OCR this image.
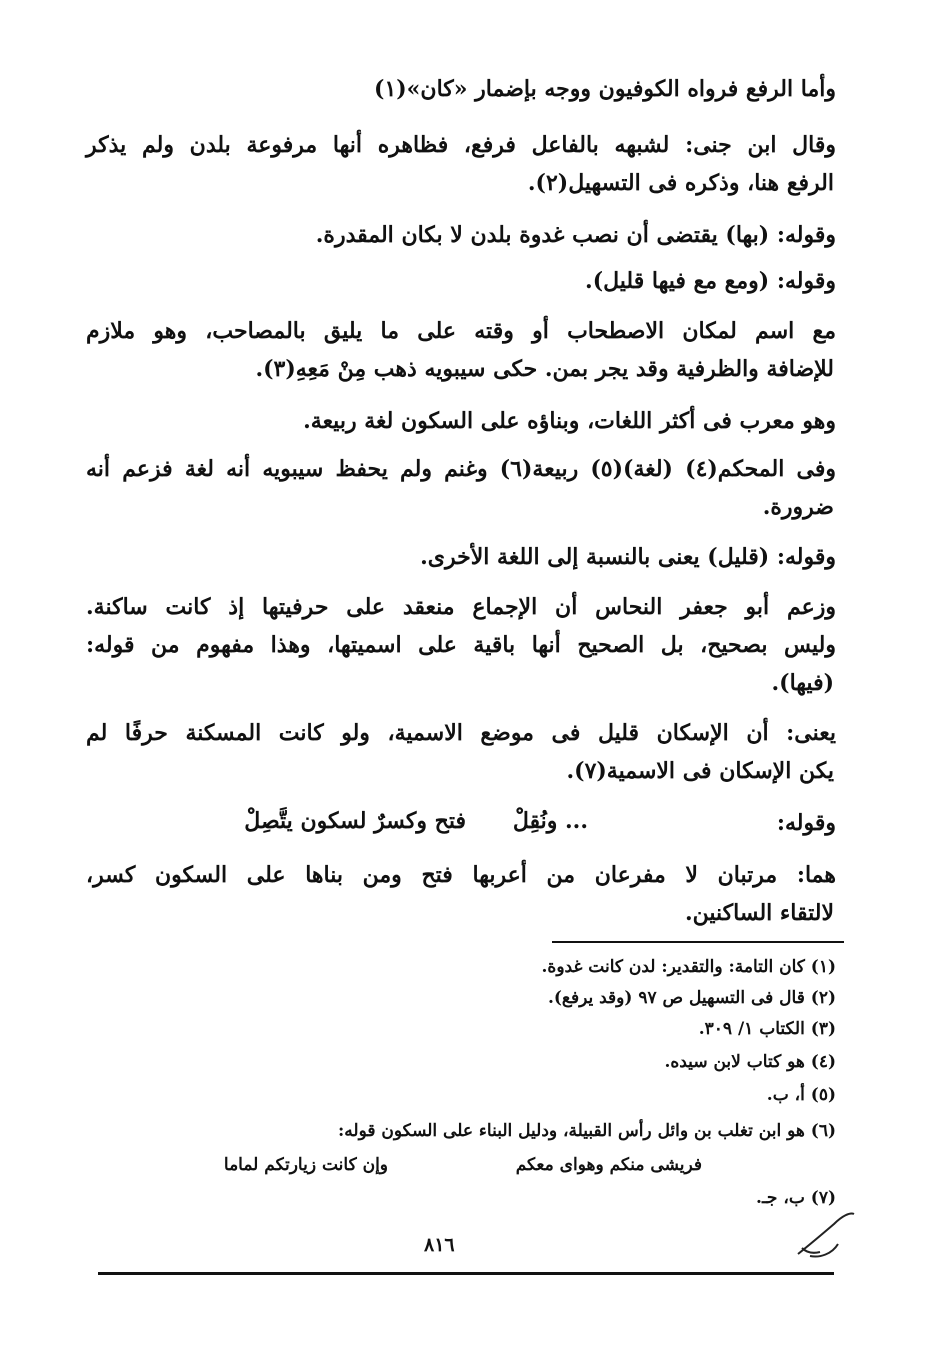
وأما الرفع فرواه الكوفيون ووجه بإضمار «كان»(١)
وقال ابن جنى: لشبهه بالفاعل فرفع، فظاهره أنها مرفوعة بلدن ولم يذكر
الرفع هنا، وذكره فى التسهيل(٢).
وقوله: (بها) يقتضى أن نصب غدوة بلدن لا بكان المقدرة.
وقوله: (ومع مع فيها قليل).
مع اسم لمكان الاصطحاب أو وقته على ما يليق بالمصاحب، وهو ملازم
للإضافة والظرفية وقد يجر بمن. حكى سيبويه ذهب مِنْ مَعِهِ(٣).
وهو معرب فى أكثر اللغات، وبناؤه على السكون لغة ربيعة.
وفى المحكم(٤) (لغة)(٥) ربيعة(٦) وغنم ولم يحفظ سيبويه أنه لغة فزعم أنه
ضرورة.
وقوله: (قليل) يعنى بالنسبة إلى اللغة الأخرى.
وزعم أبو جعفر النحاس أن الإجماع منعقد على حرفيتها إذ كانت ساكنة.
وليس بصحيح، بل الصحيح أنها باقية على اسميتها، وهذا مفهوم من قوله:
(فيها).
يعنى: أن الإسكان قليل فى موضع الاسمية، ولو كانت المسكنة حرفًا لم
يكن الإسكان فى الاسمية(٧).
وقوله:
... ونُقِلْ
فتح وكسرٌ لسكون يتَّصِلْ
هما: مرتبان لا مفرعان من أعربها فتح ومن بناها على السكون كسر،
لالتقاء الساكنين.
(١) كان التامة: والتقدير: لدن كانت غدوة.
(٢) قال فى التسهيل ص ٩٧ (وقد يرفع).
(٣) الكتاب ١/ ٣٠٩.
(٤) هو كتاب لابن سيده.
(٥) أ، ب.
(٦) هو ابن تغلب بن وائل رأس القبيلة، ودليل البناء على السكون قوله:
فريشى منكم وهواى معكم
وإن كانت زيارتكم لماما
(٧) ب، جـ.
٨١٦
